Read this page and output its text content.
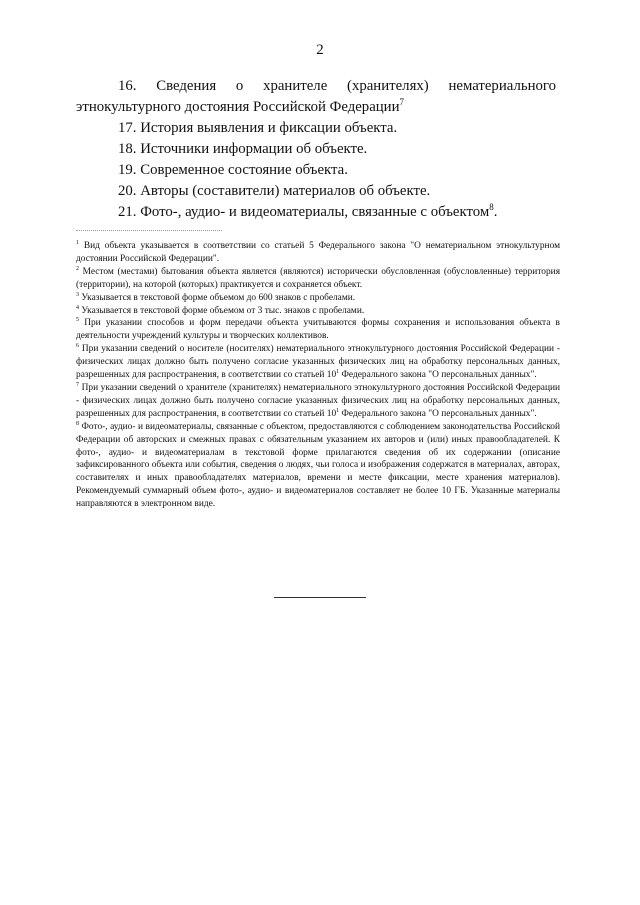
2

16. Сведения о хранителе (хранителях) нематериального этнокультурного достояния Российской Федерации$^7$

17. История выявления и фиксации объекта.

18. Источники информации об объекте.

19. Современное состояние объекта.

20. Авторы (составители) материалов об объекте.

21. Фото-, аудио- и видеоматериалы, связанные с объектом$^8$.

$^1$ Вид объекта указывается в соответствии со статьей 5 Федерального закона "О нематериальном этнокультурном достоянии Российской Федерации".

$^2$ Местом (местами) бытования объекта является (являются) исторически обусловленная (обусловленные) территория (территории), на которой (которых) практикуется и сохраняется объект.

$^3$ Указывается в текстовой форме объемом до 600 знаков с пробелами.

$^4$ Указывается в текстовой форме объемом от 3 тыс. знаков с пробелами.

$^5$ При указании способов и форм передачи объекта учитываются формы сохранения и использования объекта в деятельности учреждений культуры и творческих коллективов.

$^6$ При указании сведений о носителе (носителях) нематериального этнокультурного достояния Российской Федерации - физических лицах должно быть получено согласие указанных физических лиц на обработку персональных данных, разрешенных для распространения, в соответствии со статьей $10^1$ Федерального закона "О персональных данных".

$^7$ При указании сведений о хранителе (хранителях) нематериального этнокультурного достояния Российской Федерации - физических лицах должно быть получено согласие указанных физических лиц на обработку персональных данных, разрешенных для распространения, в соответствии со статьей $10^1$ Федерального закона "О персональных данных".

$^8$ Фото-, аудио- и видеоматериалы, связанные с объектом, предоставляются с соблюдением законодательства Российской Федерации об авторских и смежных правах с обязательным указанием их авторов и (или) иных правообладателей. К фото-, аудио- и видеоматериалам в текстовой форме прилагаются сведения об их содержании (описание зафиксированного объекта или события, сведения о людях, чьи голоса и изображения содержатся в материалах, авторах, составителях и иных правообладателях материалов, времени и месте фиксации, месте хранения материалов). Рекомендуемый суммарный объем фото-, аудио- и видеоматериалов составляет не более 10 ГБ. Указанные материалы направляются в электронном виде.
